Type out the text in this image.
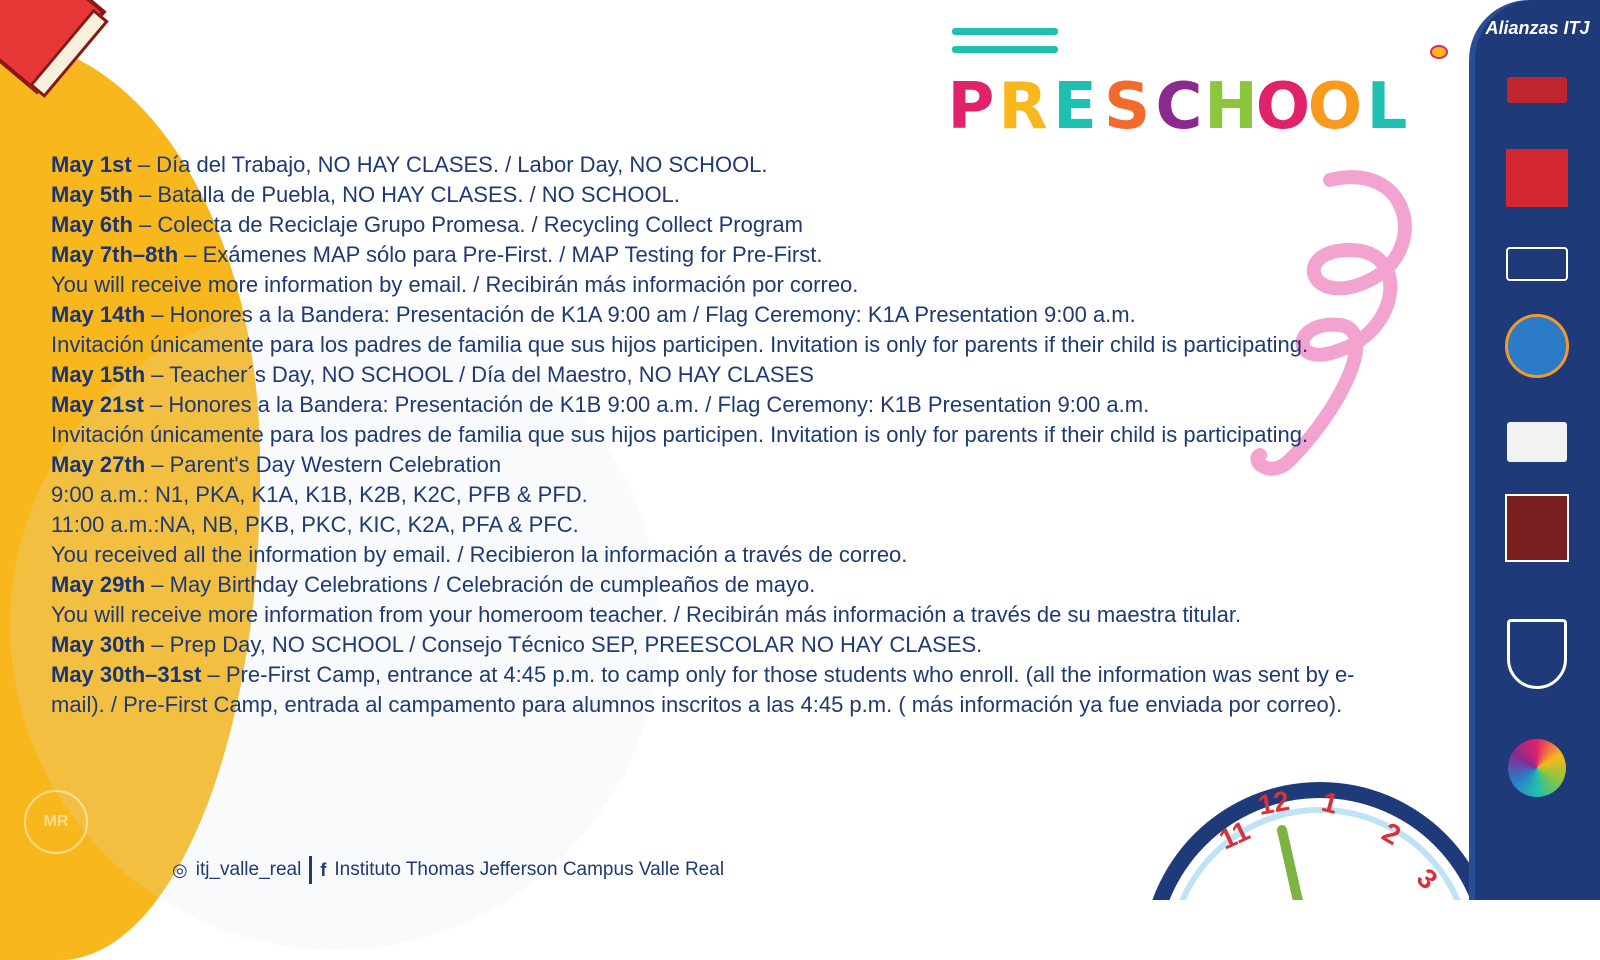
MR
P R E S C H
O
O L
May 1st – Día del Trabajo, NO HAY CLASES. / Labor Day, NO SCHOOL.
May 5th – Batalla de Puebla, NO HAY CLASES. / NO SCHOOL.
May 6th – Colecta de Reciclaje Grupo Promesa. / Recycling Collect Program
May 7th–8th – Exámenes MAP sólo para Pre-First. / MAP Testing for Pre-First.
You will receive more information by email. / Recibirán más información por correo.
May 14th – Honores a la Bandera: Presentación de K1A 9:00 am / Flag Ceremony: K1A Presentation 9:00 a.m.
Invitación únicamente para los padres de familia que sus hijos participen. Invitation is only for parents if their child is participating.
May 15th – Teacher´s Day, NO SCHOOL / Día del Maestro, NO HAY CLASES
May 21st – Honores a la Bandera: Presentación de K1B 9:00 a.m. / Flag Ceremony: K1B Presentation 9:00 a.m.
Invitación únicamente para los padres de familia que sus hijos participen. Invitation is only for parents if their child is participating.
May 27th – Parent's Day Western Celebration
9:00 a.m.: N1, PKA, K1A, K1B, K2B, K2C, PFB & PFD.
11:00 a.m.:NA, NB, PKB, PKC, KIC, K2A, PFA & PFC.
You received all the information by email. / Recibieron la información a través de correo.
May 29th – May Birthday Celebrations / Celebración de cumpleaños de mayo.
You will receive more information from your homeroom teacher. / Recibirán más información a través de su maestra titular.
May 30th – Prep Day, NO SCHOOL / Consejo Técnico SEP, PREESCOLAR NO HAY CLASES.
May 30th–31st – Pre-First Camp, entrance at 4:45 p.m. to camp only for those students who enroll. (all the information was sent by e-mail). / Pre-First Camp, entrada al campamento para alumnos inscritos a las 4:45 p.m. ( más información ya fue enviada por correo).
11
12 1
2
3
◎ itj_valle_real f Instituto Thomas Jefferson Campus Valle Real
Alianzas ITJ
